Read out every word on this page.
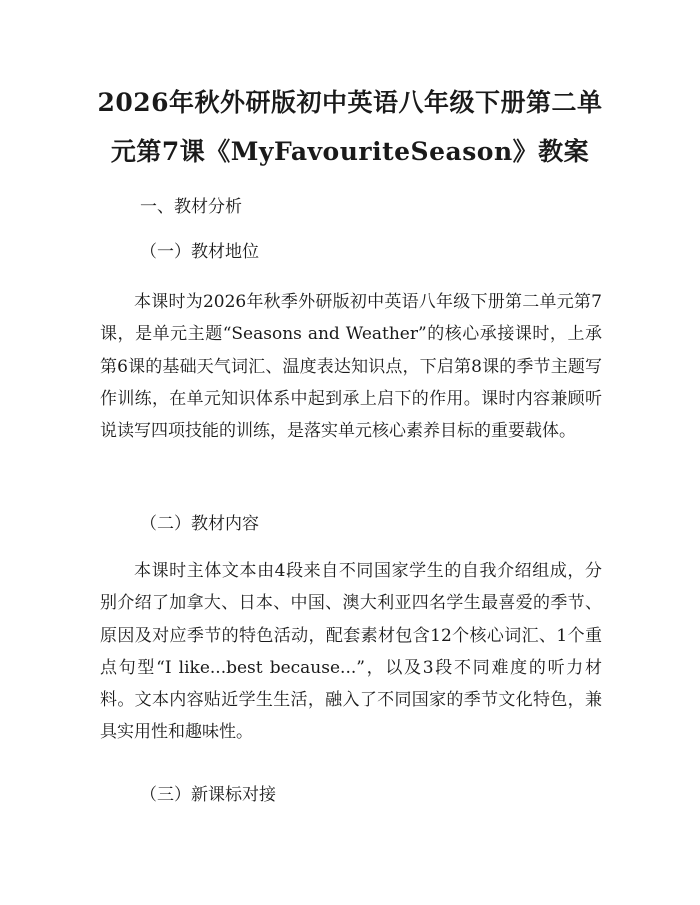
2026年秋外研版初中英语八年级下册第二单
元第7课《MyFavouriteSeason》教案
一、教材分析
（一）教材地位

本课时为2026年秋季外研版初中英语八年级下册第二单元第7课，是单元主题“Seasons and Weather”的核心承接课时，上承第6课的基础天气词汇、温度表达知识点，下启第8课的季节主题写作训练，在单元知识体系中起到承上启下的作用。课时内容兼顾听说读写四项技能的训练，是落实单元核心素养目标的重要载体。

（二）教材内容

本课时主体文本由4段来自不同国家学生的自我介绍组成，分别介绍了加拿大、日本、中国、澳大利亚四名学生最喜爱的季节、原因及对应季节的特色活动，配套素材包含12个核心词汇、1个重点句型“I like...best because...”，以及3段不同难度的听力材料。文本内容贴近学生生活，融入了不同国家的季节文化特色，兼具实用性和趣味性。

（三）新课标对接
